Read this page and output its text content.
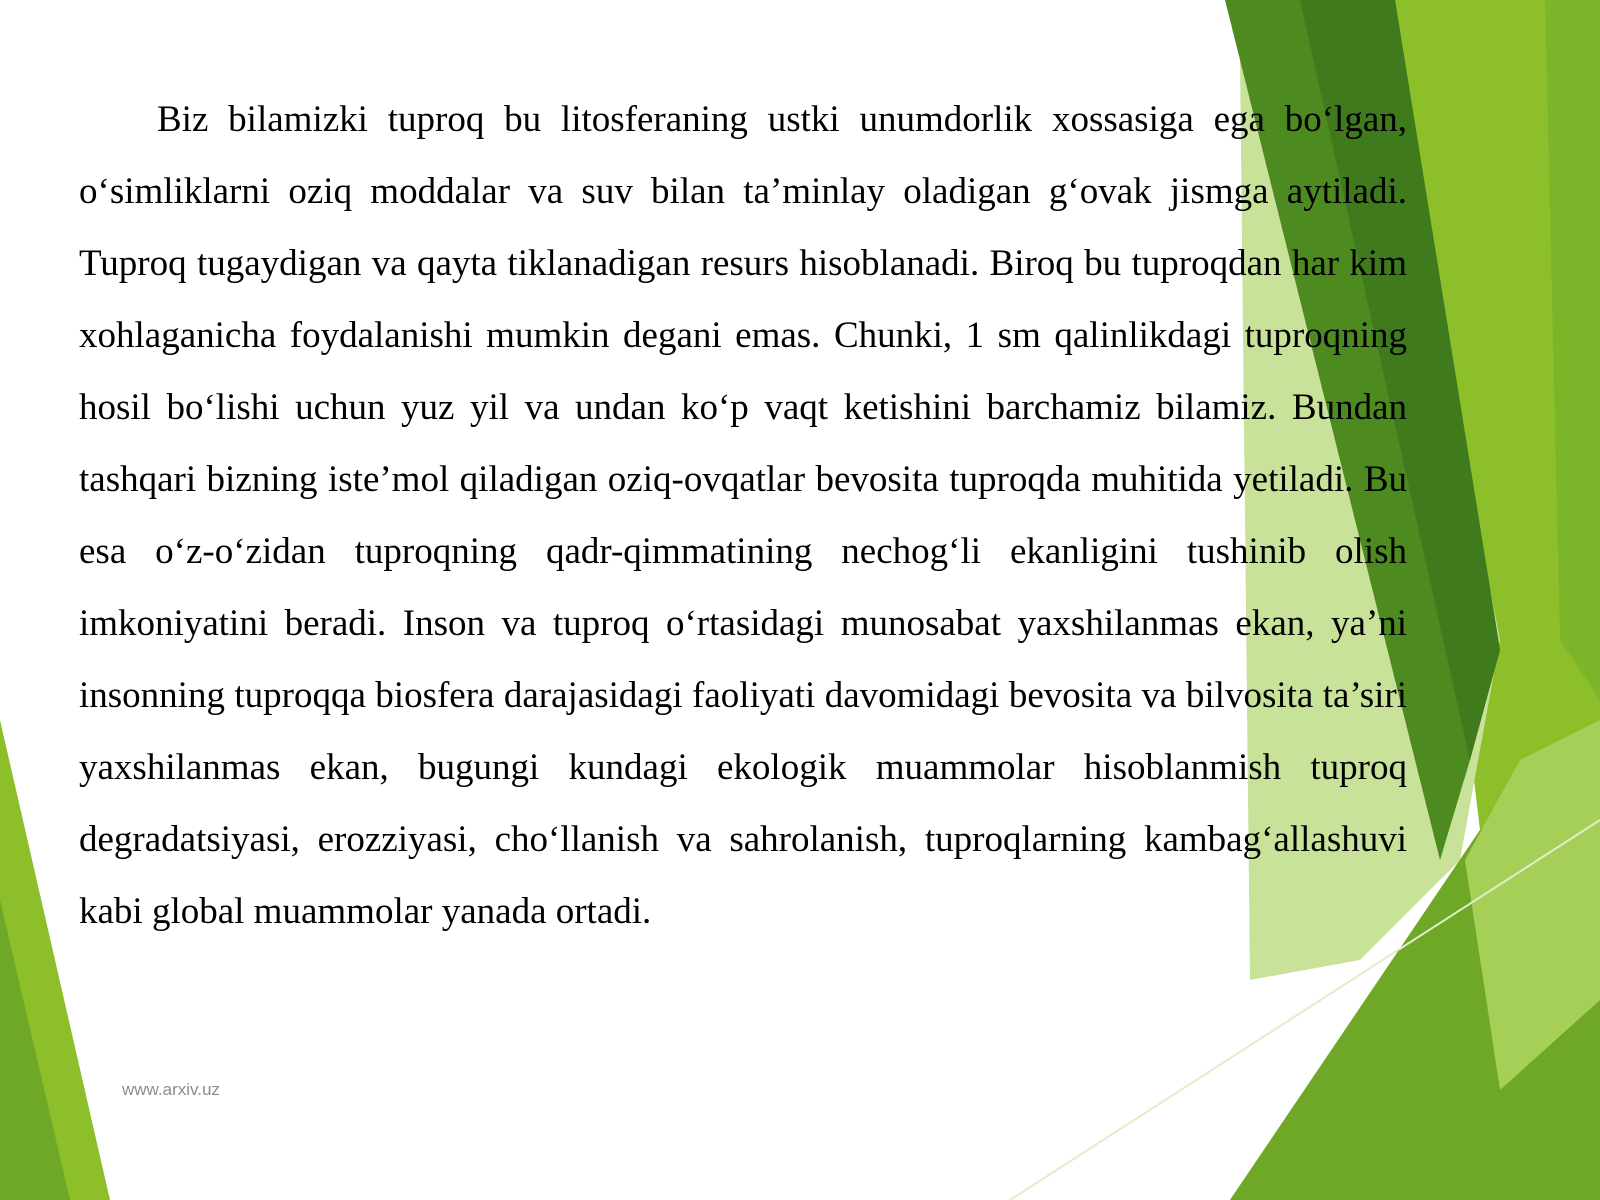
Biz bilamizki tuproq bu litosferaning ustki unumdorlik xossasiga ega bo‘lgan, o‘simliklarni oziq moddalar va suv bilan ta’minlay oladigan g‘ovak jismga aytiladi. Tuproq tugaydigan va qayta tiklanadigan resurs hisoblanadi. Biroq bu tuproqdan har kim xohlaganicha foydalanishi mumkin degani emas. Chunki, 1 sm qalinlikdagi tuproqning hosil bo‘lishi uchun yuz yil va undan ko‘p vaqt ketishini barchamiz bilamiz. Bundan tashqari bizning iste’mol qiladigan oziq-ovqatlar bevosita tuproqda muhitida yetiladi. Bu esa o‘z-o‘zidan tuproqning qadr-qimmatining nechog‘li ekanligini tushinib olish imkoniyatini beradi. Inson va tuproq o‘rtasidagi munosabat yaxshilanmas ekan, ya’ni insonning tuproqqa biosfera darajasidagi faoliyati davomidagi bevosita va bilvosita ta’siri yaxshilanmas ekan, bugungi kundagi ekologik muammolar hisoblanmish tuproq degradatsiyasi, erozziyasi, cho‘llanish va sahrolanish, tuproqlarning kambag‘allashuvi kabi global muammolar yanada ortadi.

www.arxiv.uz
